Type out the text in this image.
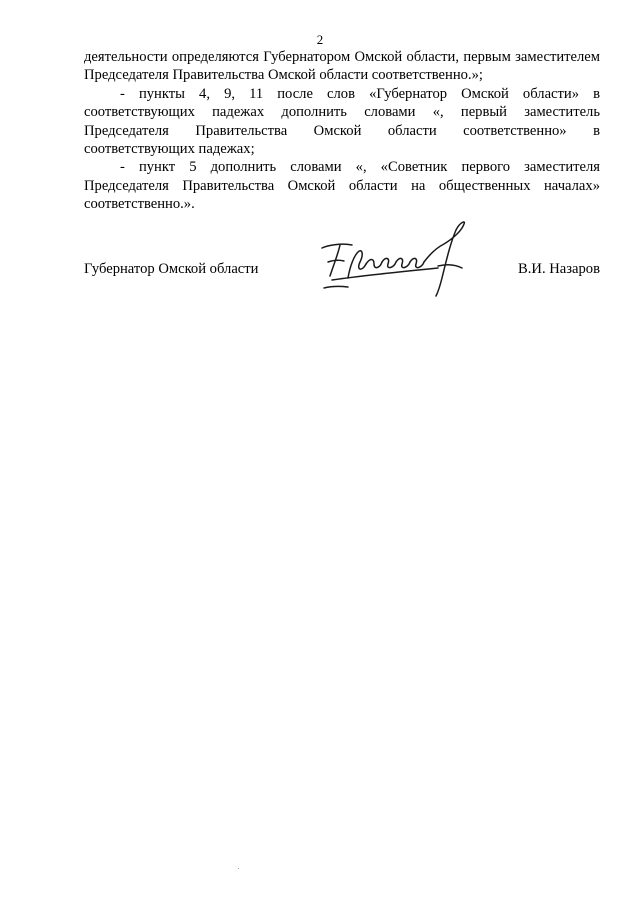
2

деятельности определяются Губернатором Омской области, первым заместителем Председателя Правительства Омской области соответственно.»;

- пункты 4, 9, 11 после слов «Губернатор Омской области» в соответствующих падежах дополнить словами «, первый заместитель Председателя Правительства Омской области соответственно» в соответствующих падежах;

- пункт 5 дополнить словами «, «Советник первого заместителя Председателя Правительства Омской области на общественных началах» соответственно.».

Губернатор Омской области	В.И. Назаров
